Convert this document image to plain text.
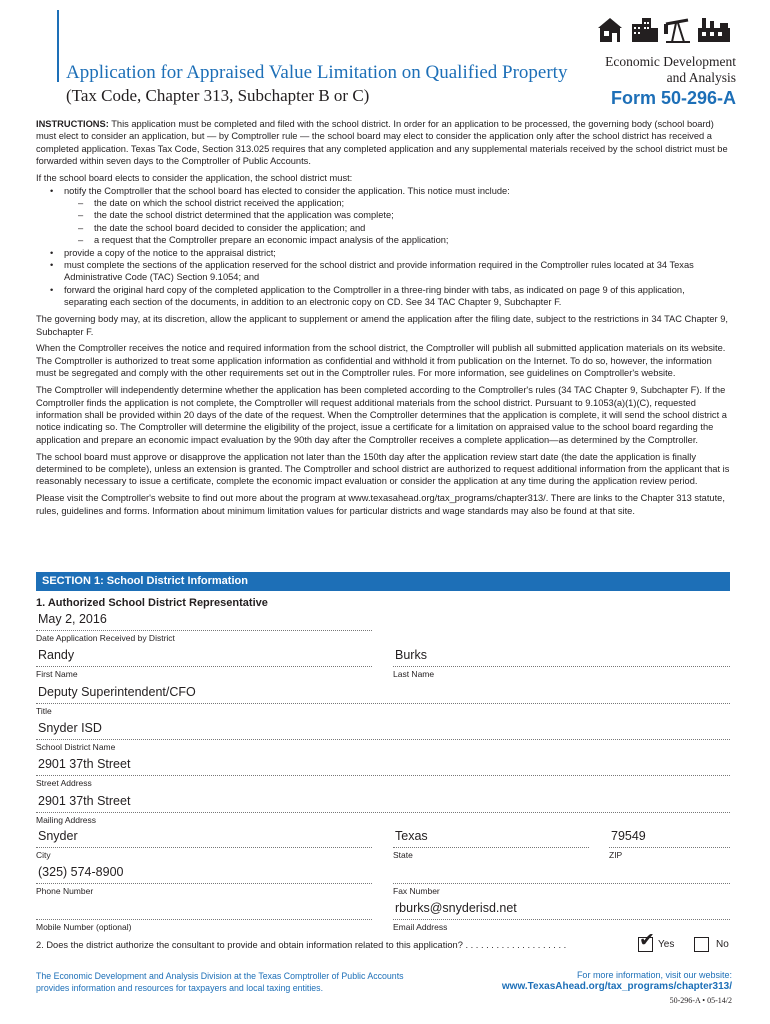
Application for Appraised Value Limitation on Qualified Property
(Tax Code, Chapter 313, Subchapter B or C)
Economic Development
and Analysis
Form 50-296-A

INSTRUCTIONS: This application must be completed and filed with the school district. In order for an application to be processed, the governing body (school board) must elect to consider an application, but — by Comptroller rule — the school board may elect to consider the application only after the school district has received a completed application. Texas Tax Code, Section 313.025 requires that any completed application and any supplemental materials received by the school district must be forwarded within seven days to the Comptroller of Public Accounts.

If the school board elects to consider the application, the school district must:

• notify the Comptroller that the school board has elected to consider the application. This notice must include:
– the date on which the school district received the application;
– the date the school district determined that the application was complete;
– the date the school board decided to consider the application; and
– a request that the Comptroller prepare an economic impact analysis of the application;
• provide a copy of the notice to the appraisal district;
• must complete the sections of the application reserved for the school district and provide information required in the Comptroller rules located at 34 Texas Administrative Code (TAC) Section 9.1054; and
• forward the original hard copy of the completed application to the Comptroller in a three-ring binder with tabs, as indicated on page 9 of this application, separating each section of the documents, in addition to an electronic copy on CD. See 34 TAC Chapter 9, Subchapter F.

The governing body may, at its discretion, allow the applicant to supplement or amend the application after the filing date, subject to the restrictions in 34 TAC Chapter 9, Subchapter F.

When the Comptroller receives the notice and required information from the school district, the Comptroller will publish all submitted application materials on its website. The Comptroller is authorized to treat some application information as confidential and withhold it from publication on the Internet. To do so, however, the information must be segregated and comply with the other requirements set out in the Comptroller rules. For more information, see guidelines on Comptroller's website.

The Comptroller will independently determine whether the application has been completed according to the Comptroller's rules (34 TAC Chapter 9, Subchapter F). If the Comptroller finds the application is not complete, the Comptroller will request additional materials from the school district. Pursuant to 9.1053(a)(1)(C), requested information shall be provided within 20 days of the date of the request. When the Comptroller determines that the application is complete, it will send the school district a notice indicating so. The Comptroller will determine the eligibility of the project, issue a certificate for a limitation on appraised value to the school board regarding the application and prepare an economic impact evaluation by the 90th day after the Comptroller receives a complete application—as determined by the Comptroller.

The school board must approve or disapprove the application not later than the 150th day after the application review start date (the date the application is finally determined to be complete), unless an extension is granted. The Comptroller and school district are authorized to request additional information from the applicant that is reasonably necessary to issue a certificate, complete the economic impact evaluation or consider the application at any time during the application review period.

Please visit the Comptroller's website to find out more about the program at www.texasahead.org/tax_programs/chapter313/. There are links to the Chapter 313 statute, rules, guidelines and forms. Information about minimum limitation values for particular districts and wage standards may also be found at that site.

SECTION 1: School District Information
1. Authorized School District Representative
May 2, 2016
Date Application Received by District
Randy
First Name
Burks
Last Name
Deputy Superintendent/CFO
Title
Snyder ISD
School District Name
2901 37th Street
Street Address
2901 37th Street
Mailing Address
Snyder
City
Texas
State
79549
ZIP
(325) 574-8900
Phone Number	Fax Number
Mobile Number (optional)
rburks@snyderisd.net
Email Address
2. Does the district authorize the consultant to provide and obtain information related to this application? . . . . . . . . . . . . . . . . . . . .	✔ Yes	No
The Economic Development and Analysis Division at the Texas Comptroller of Public Accounts
provides information and resources for taxpayers and local taxing entities.
For more information, visit our website:
www.TexasAhead.org/tax_programs/chapter313/
50-296-A • 05-14/2
